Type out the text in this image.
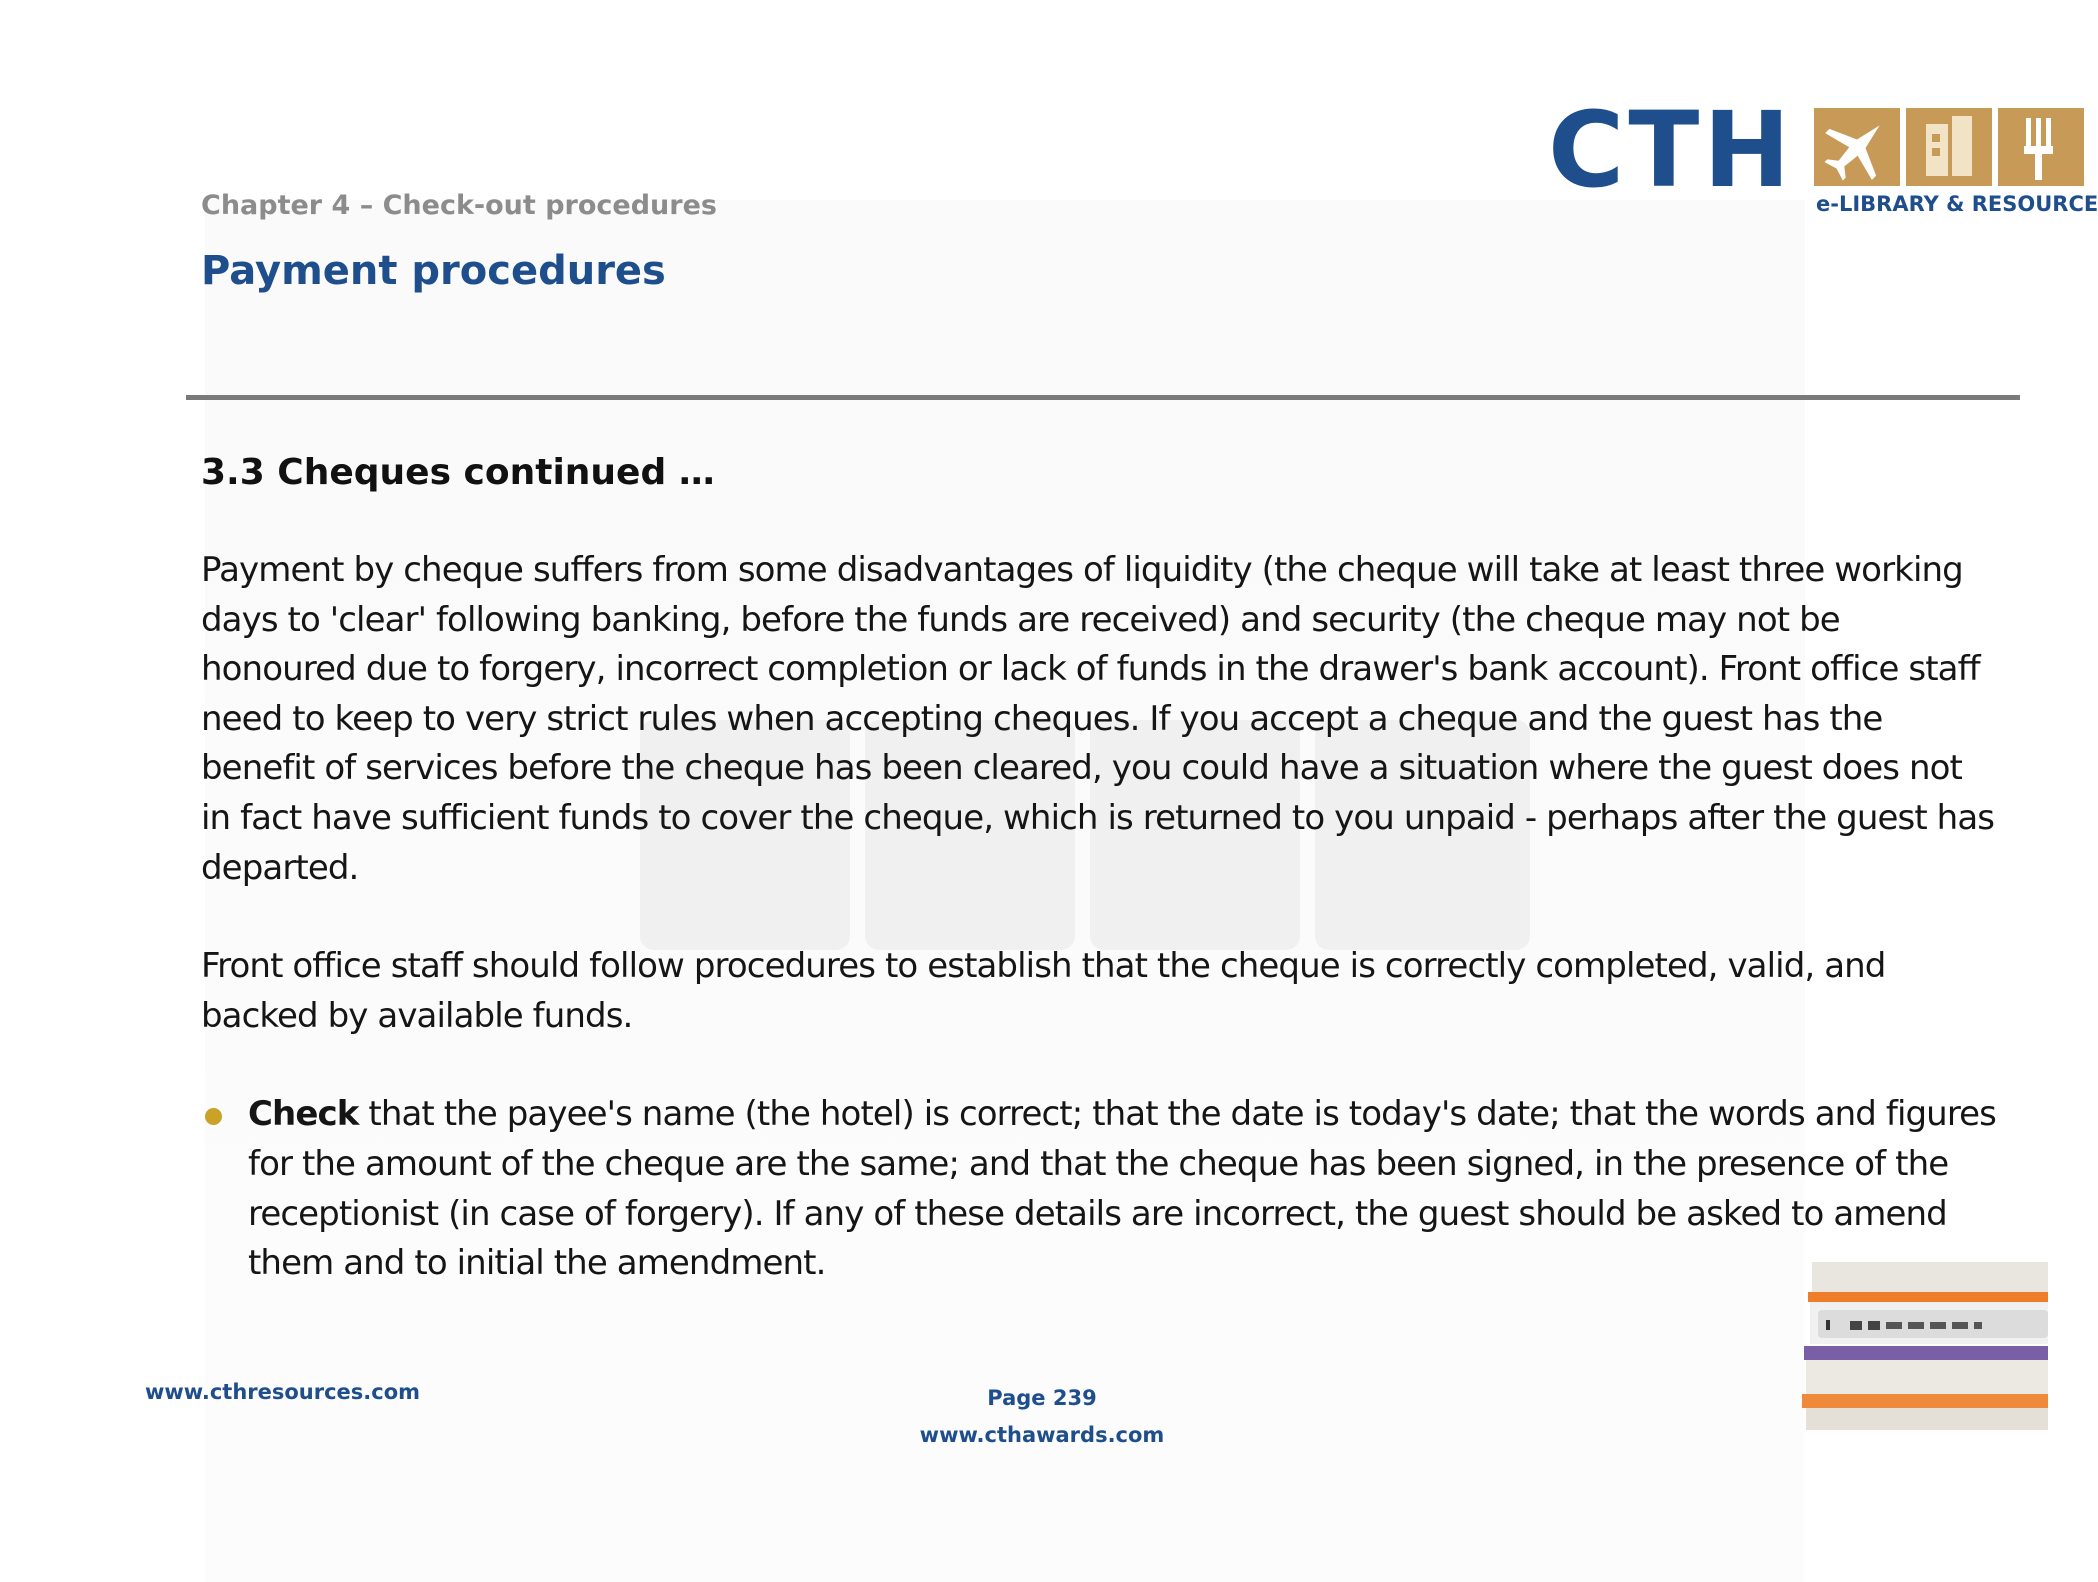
CTH e-LIBRARY & RESOURCE
Chapter 4 – Check-out procedures
Payment procedures
3.3 Cheques continued …

Payment by cheque suffers from some disadvantages of liquidity (the cheque will take at least three working days to 'clear' following banking, before the funds are received) and security (the cheque may not be honoured due to forgery, incorrect completion or lack of funds in the drawer's bank account). Front office staff need to keep to very strict rules when accepting cheques. If you accept a cheque and the guest has the benefit of services before the cheque has been cleared, you could have a situation where the guest does not in fact have sufficient funds to cover the cheque, which is returned to you unpaid - perhaps after the guest has departed.

Front office staff should follow procedures to establish that the cheque is correctly completed, valid, and backed by available funds.

Check that the payee's name (the hotel) is correct; that the date is today's date; that the words and figures for the amount of the cheque are the same; and that the cheque has been signed, in the presence of the receptionist (in case of forgery). If any of these details are incorrect, the guest should be asked to amend them and to initial the amendment.
www.cthresources.com	Page 239
www.cthawards.com
